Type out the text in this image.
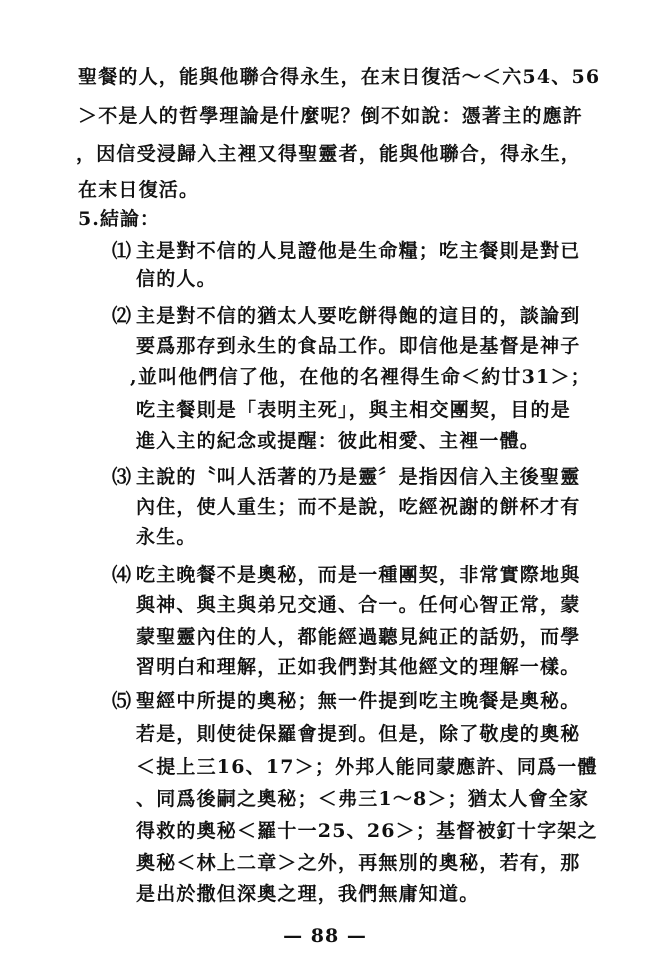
聖餐的人，能與他聯合得永生，在末日復活～＜六54、56
＞不是人的哲學理論是什麼呢？倒不如說：憑著主的應許
，因信受浸歸入主裡又得聖靈者，能與他聯合，得永生，
在末日復活。
5.結論：
⑴ 主是對不信的人見證他是生命糧；吃主餐則是對已
信的人。
⑵ 主是對不信的猶太人要吃餅得飽的這目的，談論到
要爲那存到永生的食品工作。即信他是基督是神子
,並叫他們信了他，在他的名裡得生命＜約廿31＞；
吃主餐則是「表明主死」，與主相交團契，目的是
進入主的紀念或提醒：彼此相愛、主裡一體。
⑶ 主說的〝叫人活著的乃是靈〞是指因信入主後聖靈
內住，使人重生；而不是說，吃經祝謝的餅杯才有
永生。
⑷ 吃主晚餐不是奧秘，而是一種團契，非常實際地與
與神、與主與弟兄交通、合一。任何心智正常，蒙
蒙聖靈內住的人，都能經過聽見純正的話奶，而學
習明白和理解，正如我們對其他經文的理解一樣。
⑸ 聖經中所提的奧秘；無一件提到吃主晚餐是奧秘。
若是，則使徒保羅會提到。但是，除了敬虔的奧秘
＜提上三16、17＞；外邦人能同蒙應許、同爲一體
、同爲後嗣之奧秘；＜弗三1～8＞；猶太人會全家
得救的奧秘＜羅十一25、26＞；基督被釘十字架之
奧秘＜林上二章＞之外，再無別的奧秘，若有，那
是出於撒但深奧之理，我們無庸知道。
— 88 —
